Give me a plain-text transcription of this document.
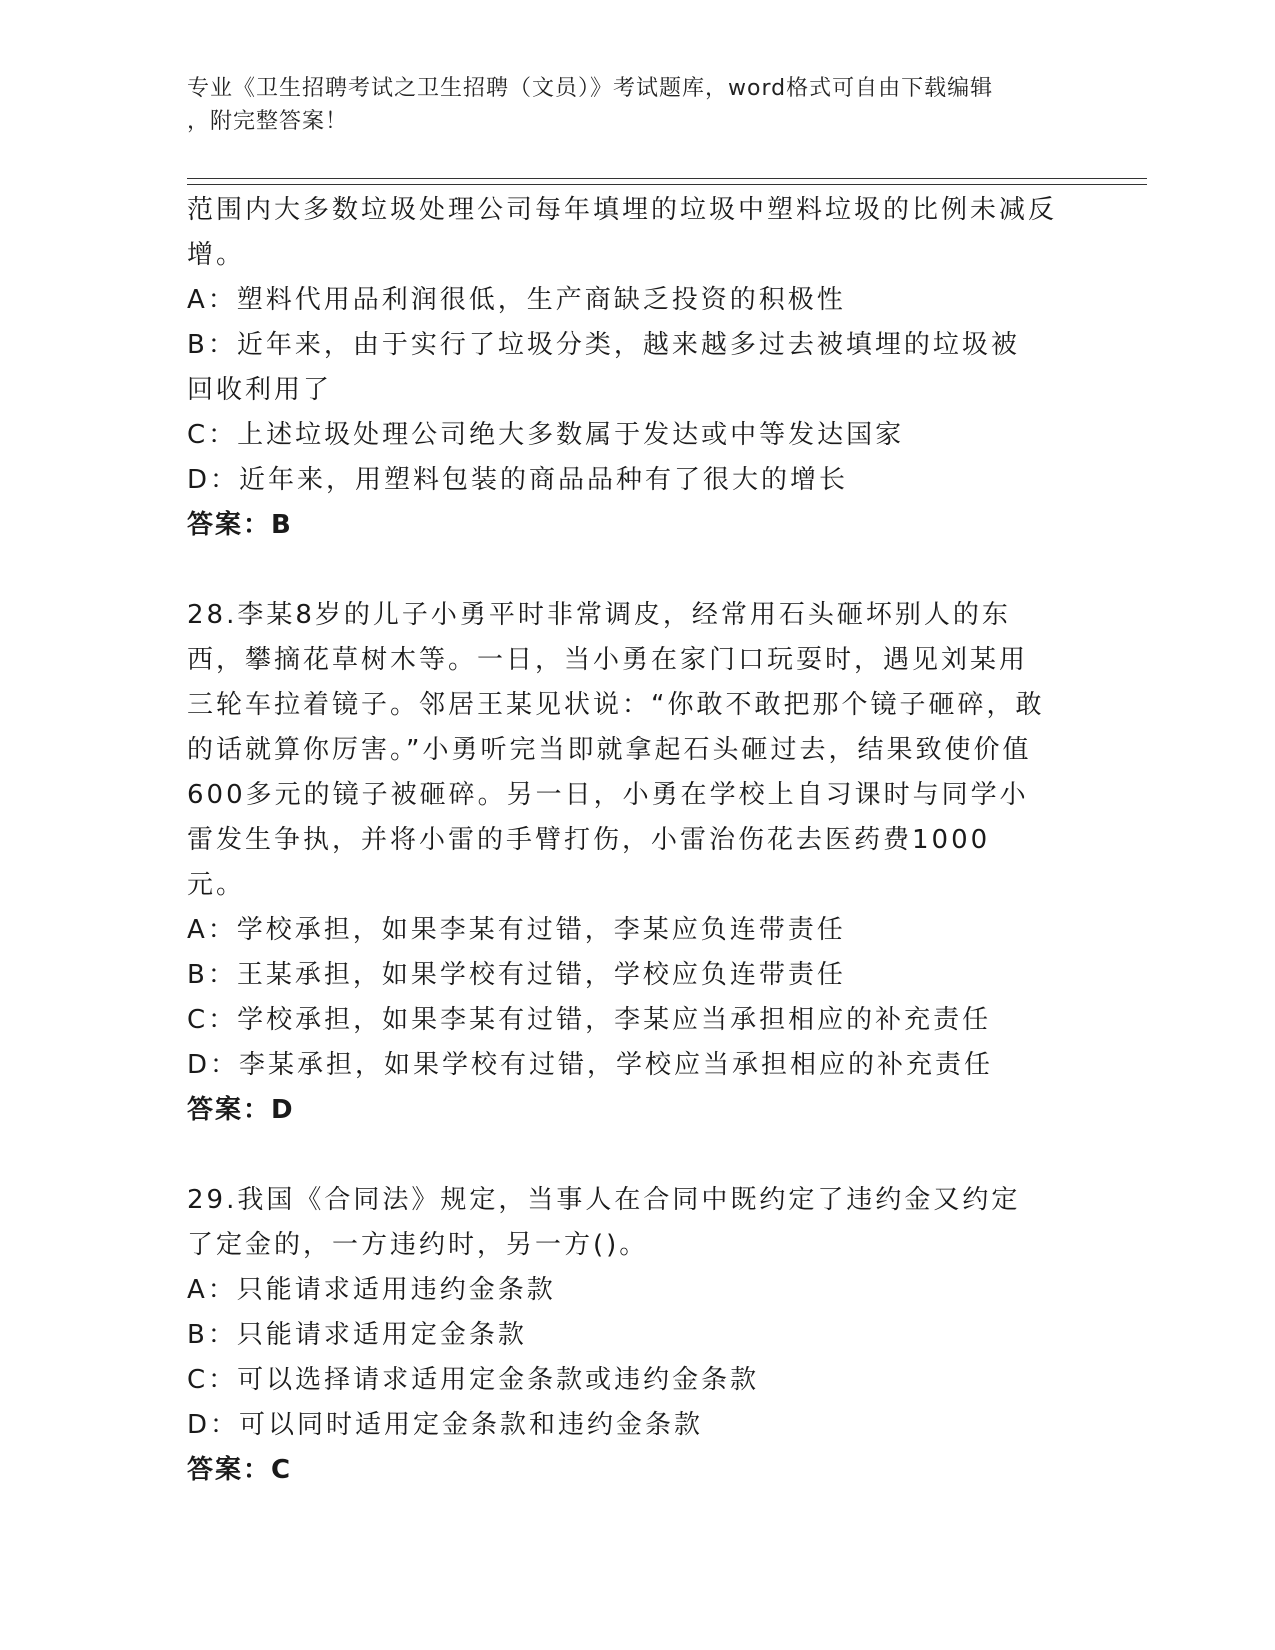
专业《卫生招聘考试之卫生招聘（文员）》考试题库，word格式可自由下载编辑
，附完整答案！

范围内大多数垃圾处理公司每年填埋的垃圾中塑料垃圾的比例未减反

增。

A：塑料代用品利润很低，生产商缺乏投资的积极性

B：近年来，由于实行了垃圾分类，越来越多过去被填埋的垃圾被回收利用了

C：上述垃圾处理公司绝大多数属于发达或中等发达国家

D：近年来，用塑料包装的商品品种有了很大的增长

答案：B

28.李某8岁的儿子小勇平时非常调皮，经常用石头砸坏别人的东西，攀摘花草树木等。一日，当小勇在家门口玩耍时，遇见刘某用三轮车拉着镜子。邻居王某见状说：“你敢不敢把那个镜子砸碎，敢的话就算你厉害。”小勇听完当即就拿起石头砸过去，结果致使价值600多元的镜子被砸碎。另一日，小勇在学校上自习课时与同学小雷发生争执，并将小雷的手臂打伤，小雷治伤花去医药费1000元。

A：学校承担，如果李某有过错，李某应负连带责任

B：王某承担，如果学校有过错，学校应负连带责任

C：学校承担，如果李某有过错，李某应当承担相应的补充责任

D：李某承担，如果学校有过错，学校应当承担相应的补充责任

答案：D

29.我国《合同法》规定，当事人在合同中既约定了违约金又约定了定金的，一方违约时，另一方()。

A：只能请求适用违约金条款

B：只能请求适用定金条款

C：可以选择请求适用定金条款或违约金条款

D：可以同时适用定金条款和违约金条款

答案：C
